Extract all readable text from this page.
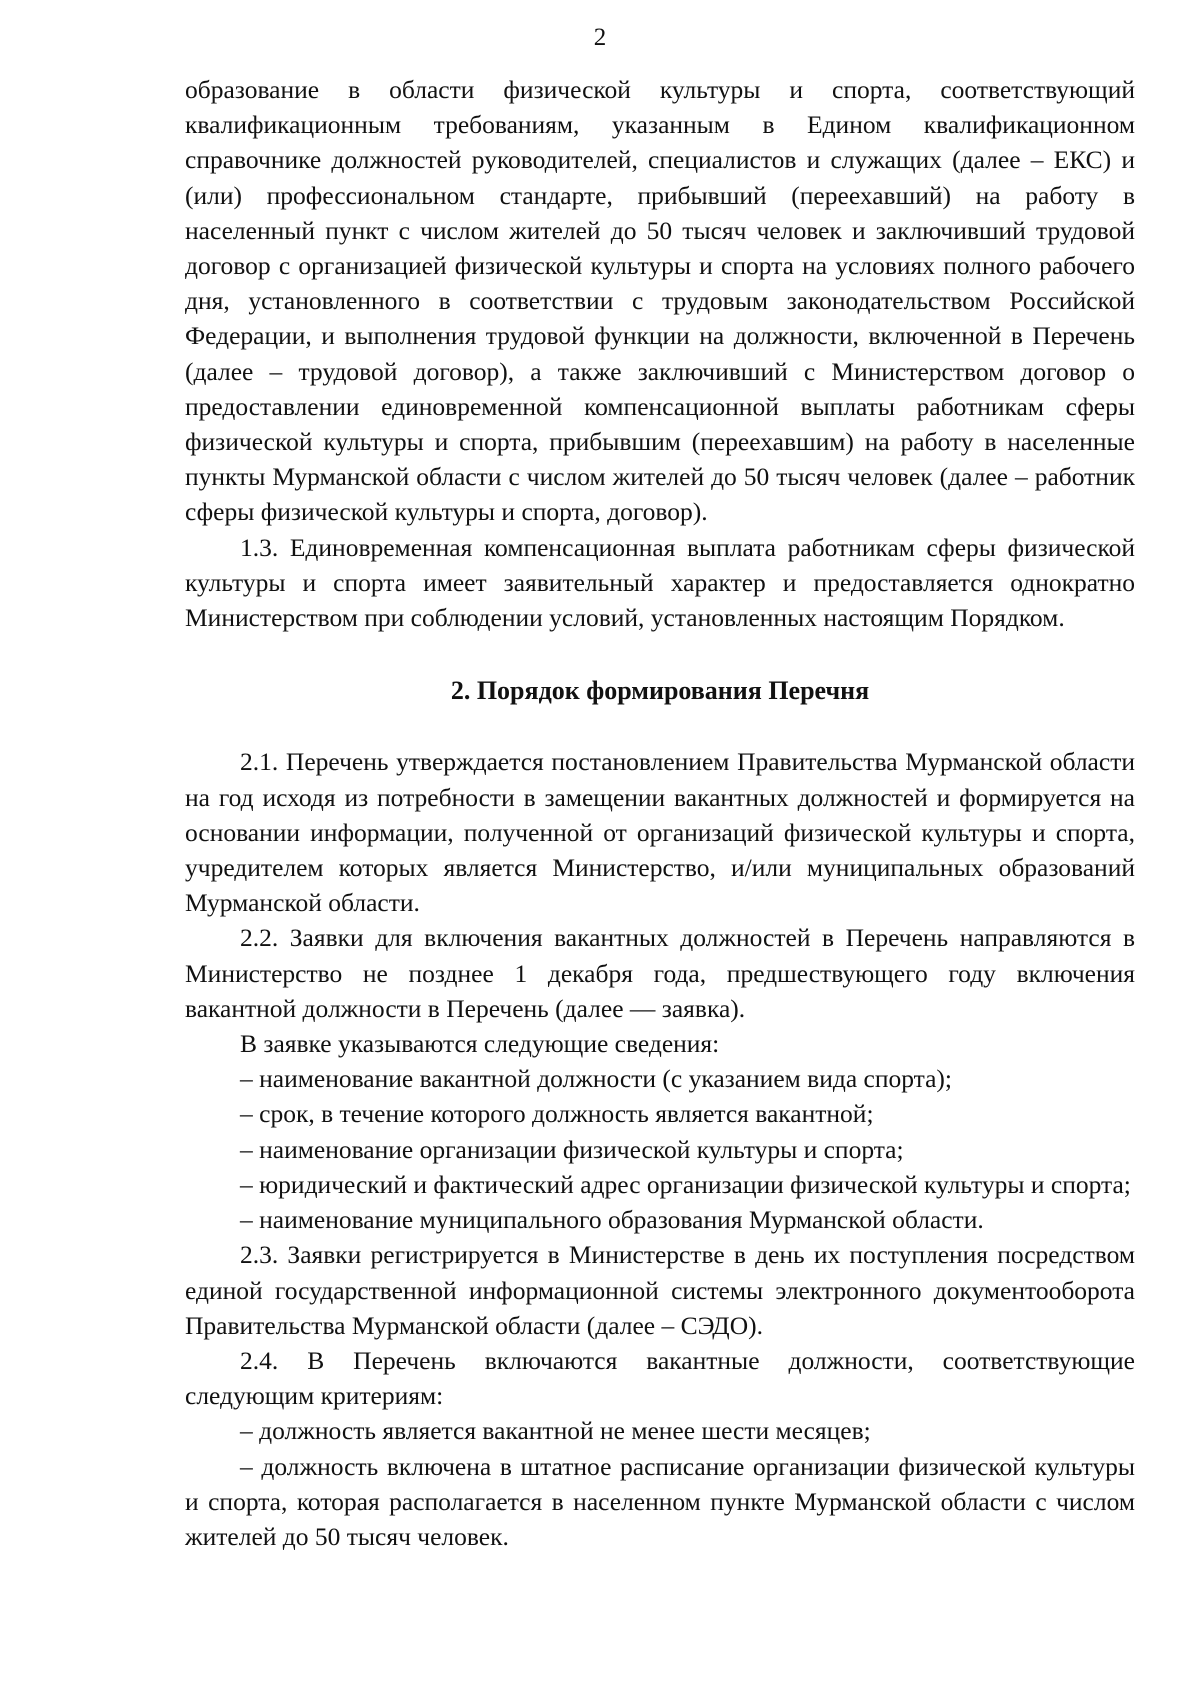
2

образование в области физической культуры и спорта, соответствующий квалификационным требованиям, указанным в Едином квалификационном справочнике должностей руководителей, специалистов и служащих (далее – ЕКС) и (или) профессиональном стандарте, прибывший (переехавший) на работу в населенный пункт с числом жителей до 50 тысяч человек и заключивший трудовой договор с организацией физической культуры и спорта на условиях полного рабочего дня, установленного в соответствии с трудовым законодательством Российской Федерации, и выполнения трудовой функции на должности, включенной в Перечень (далее – трудовой договор), а также заключивший с Министерством договор о предоставлении единовременной компенсационной выплаты работникам сферы физической культуры и спорта, прибывшим (переехавшим) на работу в населенные пункты Мурманской области с числом жителей до 50 тысяч человек (далее – работник сферы физической культуры и спорта, договор).

1.3. Единовременная компенсационная выплата работникам сферы физической культуры и спорта имеет заявительный характер и предоставляется однократно Министерством при соблюдении условий, установленных настоящим Порядком.

2. Порядок формирования Перечня

2.1. Перечень утверждается постановлением Правительства Мурманской области на год исходя из потребности в замещении вакантных должностей и формируется на основании информации, полученной от организаций физической культуры и спорта, учредителем которых является Министерство, и/или муниципальных образований Мурманской области.

2.2. Заявки для включения вакантных должностей в Перечень направляются в Министерство не позднее 1 декабря года, предшествующего году включения вакантной должности в Перечень (далее — заявка).

В заявке указываются следующие сведения:

– наименование вакантной должности (с указанием вида спорта);

– срок, в течение которого должность является вакантной;

– наименование организации физической культуры и спорта;

– юридический и фактический адрес организации физической культуры и спорта;

– наименование муниципального образования Мурманской области.

2.3. Заявки регистрируется в Министерстве в день их поступления посредством единой государственной информационной системы электронного документооборота Правительства Мурманской области (далее – СЭДО).

2.4. В Перечень включаются вакантные должности, соответствующие следующим критериям:

– должность является вакантной не менее шести месяцев;

– должность включена в штатное расписание организации физической культуры и спорта, которая располагается в населенном пункте Мурманской области с числом жителей до 50 тысяч человек.
